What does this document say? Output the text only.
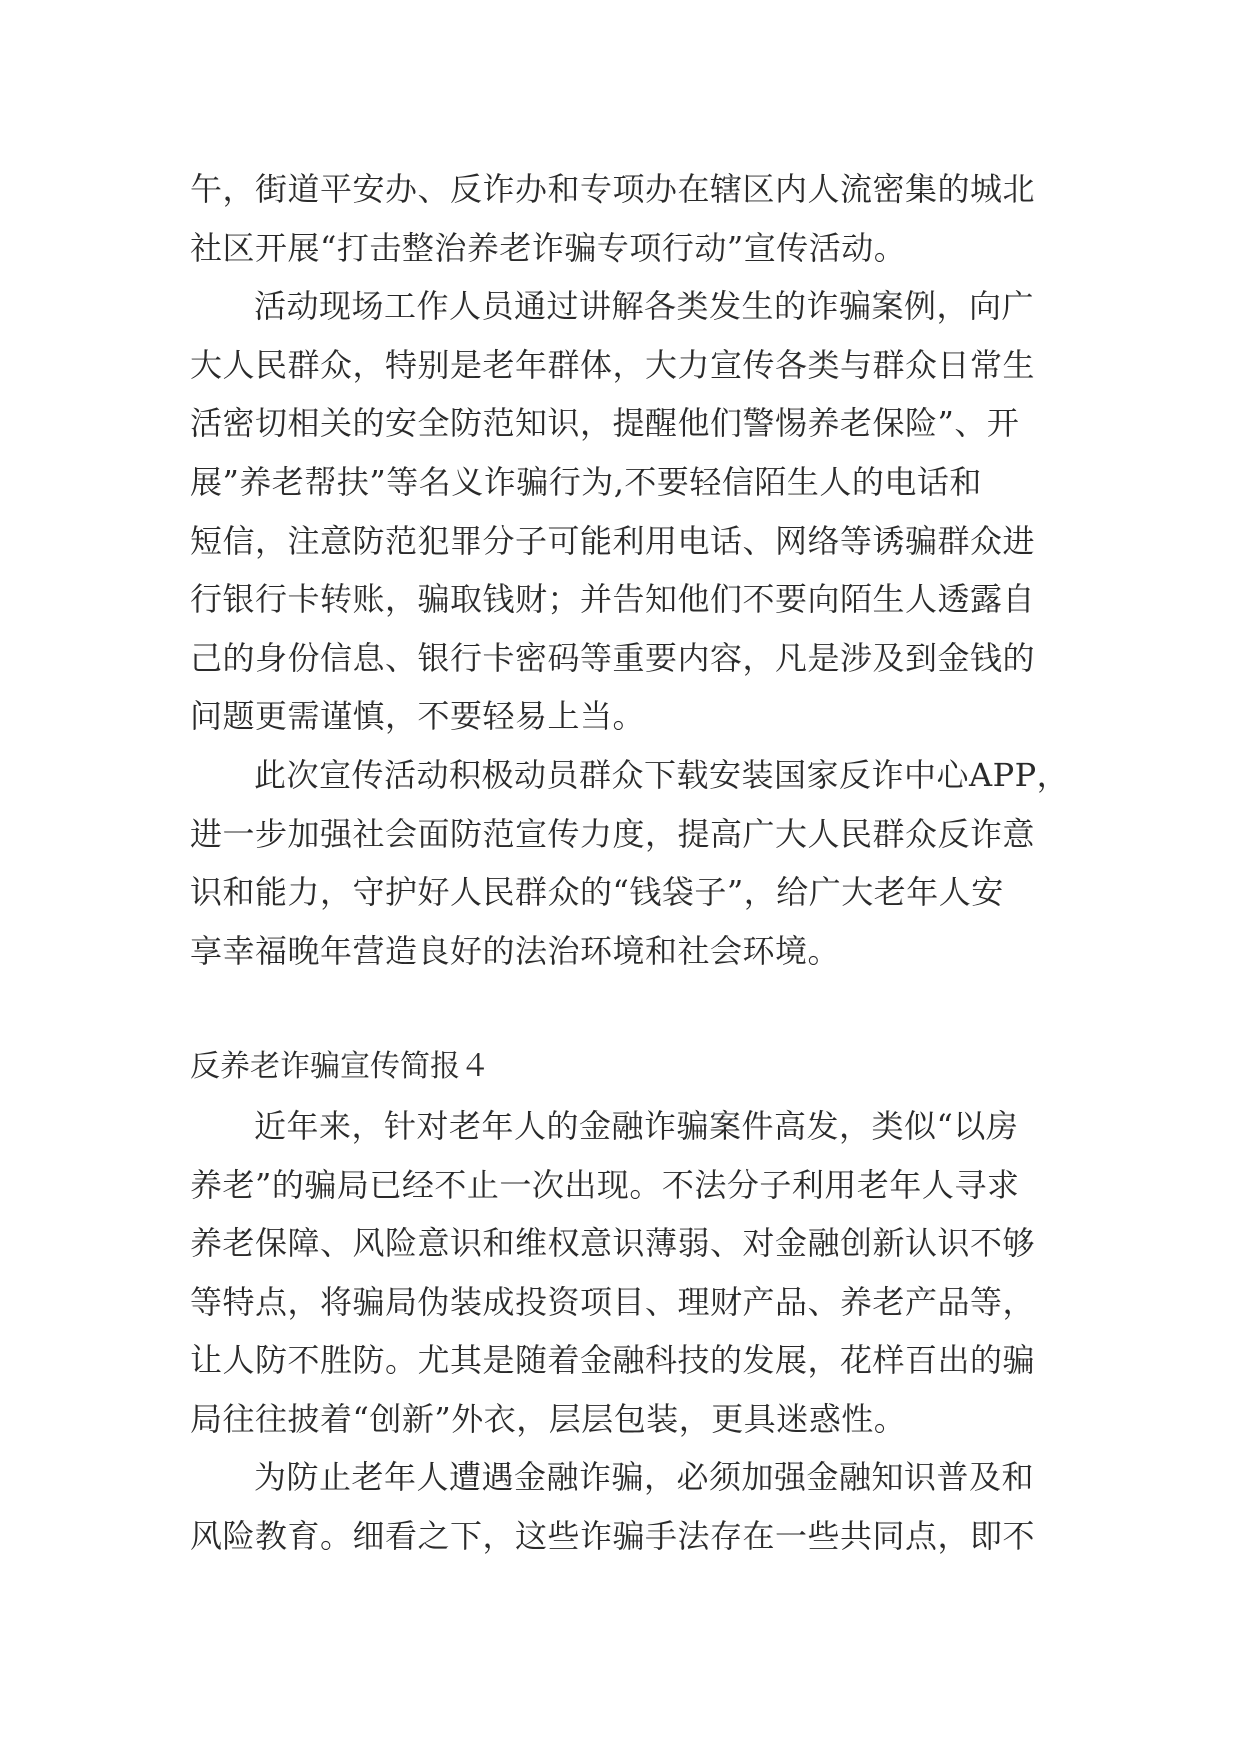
午，街道平安办、反诈办和专项办在辖区内人流密集的城北
社区开展“打击整治养老诈骗专项行动”宣传活动。
活动现场工作人员通过讲解各类发生的诈骗案例，向广
大人民群众，特别是老年群体，大力宣传各类与群众日常生
活密切相关的安全防范知识，提醒他们警惕养老保险”、开
展”养老帮扶”等名义诈骗行为,不要轻信陌生人的电话和
短信，注意防范犯罪分子可能利用电话、网络等诱骗群众进
行银行卡转账，骗取钱财；并告知他们不要向陌生人透露自
己的身份信息、银行卡密码等重要内容，凡是涉及到金钱的
问题更需谨慎，不要轻易上当。
此次宣传活动积极动员群众下载安装国家反诈中心APP，
进一步加强社会面防范宣传力度，提高广大人民群众反诈意
识和能力，守护好人民群众的“钱袋子”，给广大老年人安
享幸福晚年营造良好的法治环境和社会环境。
反养老诈骗宣传简报４
近年来，针对老年人的金融诈骗案件高发，类似“以房
养老”的骗局已经不止一次出现。不法分子利用老年人寻求
养老保障、风险意识和维权意识薄弱、对金融创新认识不够
等特点，将骗局伪装成投资项目、理财产品、养老产品等，
让人防不胜防。尤其是随着金融科技的发展，花样百出的骗
局往往披着“创新”外衣，层层包装，更具迷惑性。
为防止老年人遭遇金融诈骗，必须加强金融知识普及和
风险教育。细看之下，这些诈骗手法存在一些共同点，即不
